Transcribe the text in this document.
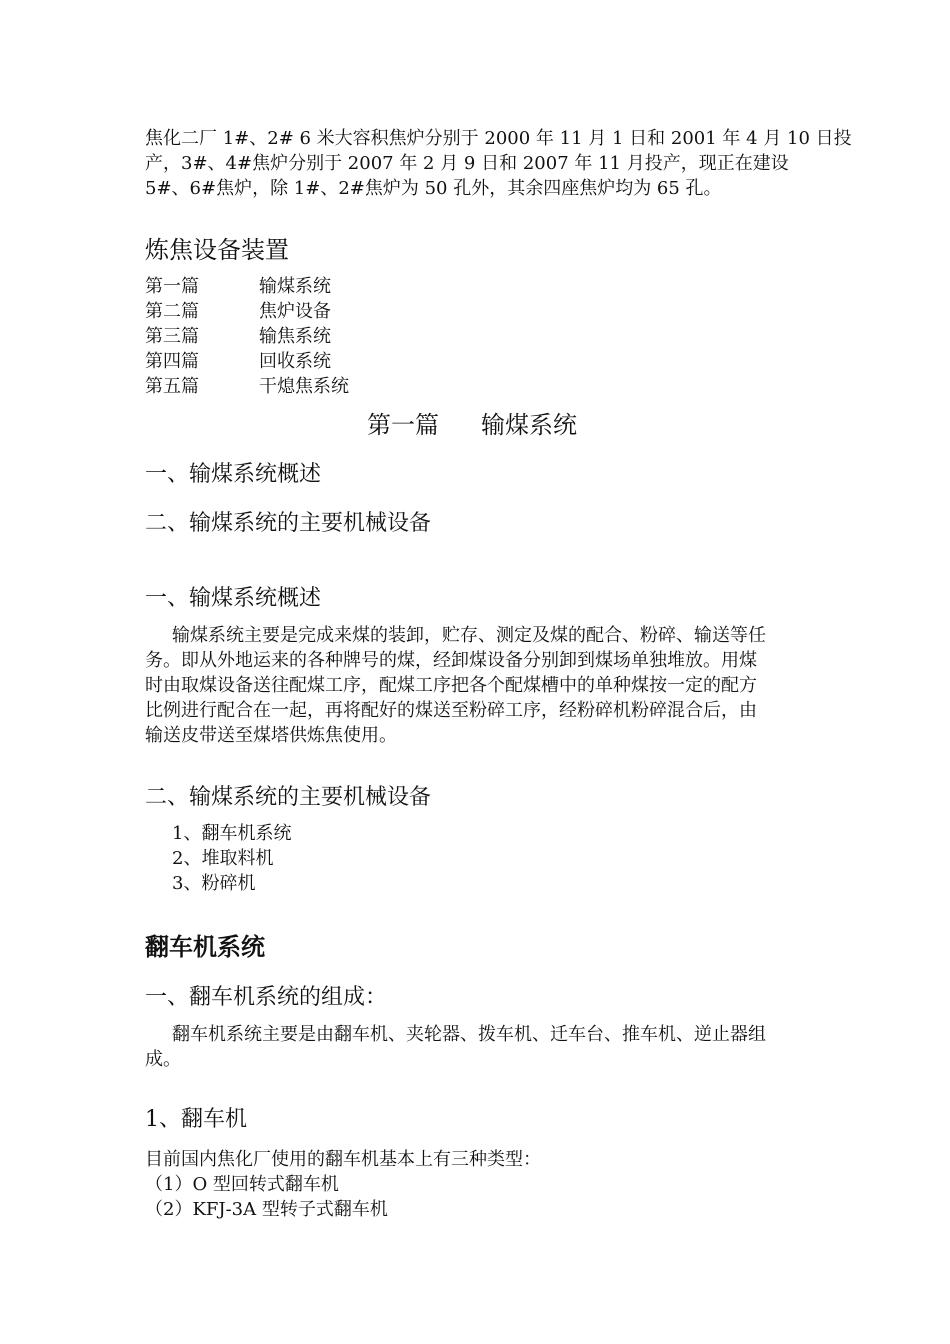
焦化二厂 1#、2# 6 米大容积焦炉分别于 2000 年 11 月 1 日和 2001 年 4 月 10 日投
产，3#、4#焦炉分别于 2007 年 2 月 9 日和 2007 年 11 月投产，现正在建设
5#、6#焦炉，除 1#、2#焦炉为 50 孔外，其余四座焦炉均为 65 孔。
炼焦设备装置
第一篇	输煤系统
第二篇	焦炉设备
第三篇	输焦系统
第四篇	回收系统
第五篇	干熄焦系统
第一篇 输煤系统
一、输煤系统概述
二、输煤系统的主要机械设备
一、输煤系统概述
输煤系统主要是完成来煤的装卸，贮存、测定及煤的配合、粉碎、输送等任
务。即从外地运来的各种牌号的煤，经卸煤设备分别卸到煤场单独堆放。用煤
时由取煤设备送往配煤工序，配煤工序把各个配煤槽中的单种煤按一定的配方
比例进行配合在一起，再将配好的煤送至粉碎工序，经粉碎机粉碎混合后，由
输送皮带送至煤塔供炼焦使用。
二、输煤系统的主要机械设备
1、翻车机系统
2、堆取料机
3、粉碎机
翻车机系统
一、翻车机系统的组成：
翻车机系统主要是由翻车机、夹轮器、拨车机、迁车台、推车机、逆止器组
成。
1、翻车机
目前国内焦化厂使用的翻车机基本上有三种类型：
（1）O 型回转式翻车机
（2）KFJ-3A 型转子式翻车机
